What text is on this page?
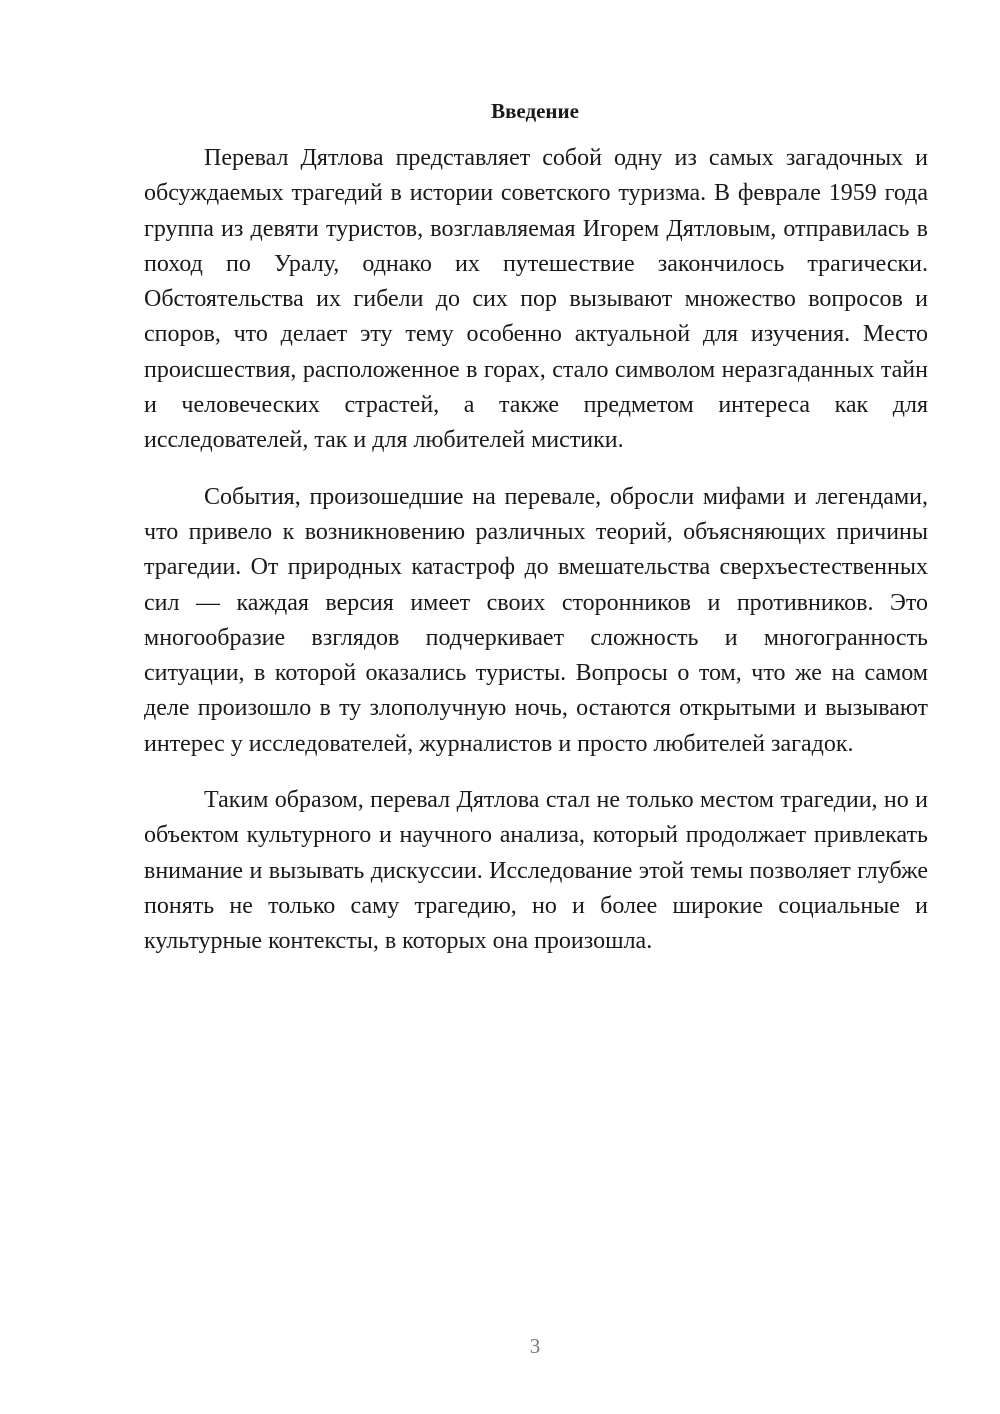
Введение

Перевал Дятлова представляет собой одну из самых загадочных и обсуждаемых трагедий в истории советского туризма. В феврале 1959 года группа из девяти туристов, возглавляемая Игорем Дятловым, отправилась в поход по Уралу, однако их путешествие закончилось трагически. Обстоятельства их гибели до сих пор вызывают множество вопросов и споров, что делает эту тему особенно актуальной для изучения. Место происшествия, расположенное в горах, стало символом неразгаданных тайн и человеческих страстей, а также предметом интереса как для исследователей, так и для любителей мистики.

События, произошедшие на перевале, обросли мифами и легендами, что привело к возникновению различных теорий, объясняющих причины трагедии. От природных катастроф до вмешательства сверхъестественных сил — каждая версия имеет своих сторонников и противников. Это многообразие взглядов подчеркивает сложность и многогранность ситуации, в которой оказались туристы. Вопросы о том, что же на самом деле произошло в ту злополучную ночь, остаются открытыми и вызывают интерес у исследователей, журналистов и просто любителей загадок.

Таким образом, перевал Дятлова стал не только местом трагедии, но и объектом культурного и научного анализа, который продолжает привлекать внимание и вызывать дискуссии. Исследование этой темы позволяет глубже понять не только саму трагедию, но и более широкие социальные и культурные контексты, в которых она произошла.

3
